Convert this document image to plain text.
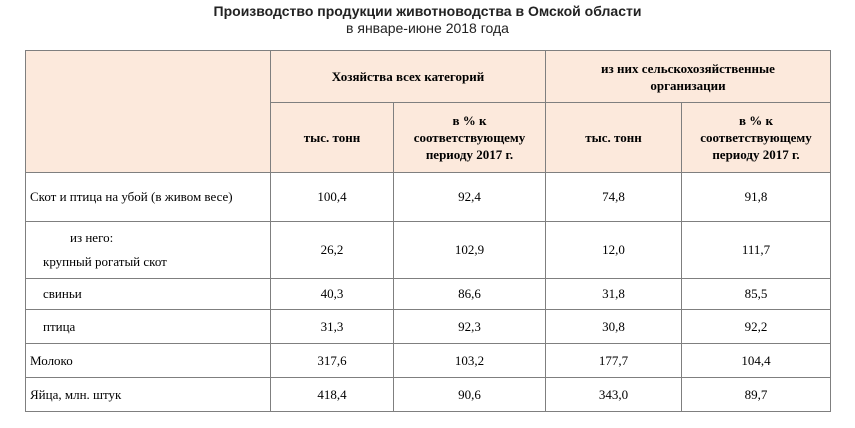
Производство продукции животноводства в Омской области
в январе-июне 2018 года
	Хозяйства всех категорий		из них сельскохозяйственные организации	
	тыс. тонн	в % к соответствующему периоду 2017 г.	тыс. тонн	в % к соответствующему периоду 2017 г.
Скот и птица на убой (в живом весе)	100,4	92,4	74,8	91,8

из него:
крупный рогатый скот	26,2	102,9	12,0	111,7
свиньи	40,3	86,6	31,8	85,5
птица	31,3	92,3	30,8	92,2
Молоко	317,6	103,2	177,7	104,4
Яйца, млн. штук	418,4	90,6	343,0	89,7
